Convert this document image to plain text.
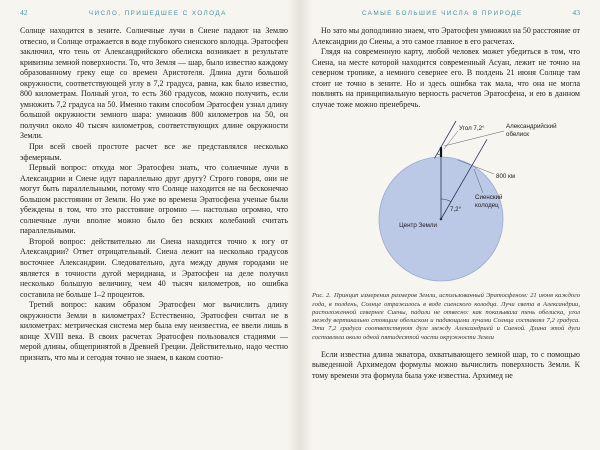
42	ЧИСЛО, ПРИШЕДШЕЕ С ХОЛОДА

Солнце находится в зените. Солнечные лучи в Сиене падают на Землю отвесно, и Солнце отражается в воде глубокого сиенского колодца. Эратосфен заключил, что тень от Александрийского обелиска возникает в результате кривизны земной поверхности. То, что Земля — шар, было известно каждому образованному греку еще со времен Аристотеля. Длина дуги большой окружности, соответствующей углу в 7,2 градуса, равна, как было известно, 800 километрам. Полный угол, то есть 360 градусов, можно получить, если умножить 7,2 градуса на 50. Именно таким способом Эратосфен узнал длину большой окружности земного шара: умножив 800 километров на 50, он получил около 40 тысяч километров, соответствующих длине окружности Земли.

При всей своей простоте расчет все же представлялся несколько эфемерным.

Первый вопрос: откуда мог Эратосфен знать, что солнечные лучи в Александрии и Сиене идут параллельно друг другу? Строго говоря, они не могут быть параллельными, потому что Солнце находится не на бесконечно большом расстоянии от Земли. Но уже во времена Эратосфена ученые были убеждены в том, что это расстояние огромно — настолько огромно, что солнечные лучи вполне можно было без всяких колебаний считать параллельными.

Второй вопрос: действительно ли Сиена находится точно к югу от Александрии? Ответ отрицательный. Сиена лежит на несколько градусов восточнее Александрии. Следовательно, дуга между двумя городами не является в точности дугой меридиана, и Эратосфен на деле получил несколько большую величину, чем 40 тысяч километров, но ошибка составила не больше 1–2 процентов.

Третий вопрос: каким образом Эратосфен мог вычислить длину окружности Земли в километрах? Естественно, Эратосфен считал не в километрах: метрическая система мер была ему неизвестна, ее ввели лишь в конце XVIII века. В своих расчетах Эратосфен пользовался стадиями — мерой длины, общепринятой в Древней Греции. Действительно, надо честно признать, что мы и сегодня точно не знаем, в каком соотно-

САМЫЕ БОЛЬШИЕ ЧИСЛА В ПРИРОДЕ	43

Но зато мы доподлинно знаем, что Эратосфен умножил на 50 расстояние от Александрии до Сиены, а это самое главное в его расчетах.

Глядя на современную карту, любой человек может убедиться в том, что Сиена, на месте которой находится современный Асуан, лежит не точно на северном тропике, а немного севернее его. В полдень 21 июня Солнце там стоит не точно в зените. Но и здесь ошибка так мала, что она не могла повлиять на принципиальную верность расчетов Эратосфена, и ею в данном случае тоже можно пренебречь.

Угол 7,2°	Александрийский
обелиск
800 км
Сиенский
колодец
7,2°
Центр Земли
Рис. 2. Принцип измерения размеров Земли, использованный Эратосфеном: 21 июня каждого года, в полдень, Солнце отражалось в воде сиенского колодца. Лучи света в Александрии, расположенной севернее Сиены, падали не отвесно: как показывала тень обелиска, угол между вертикально стоящим обелиском и падающими лучами Солнца составлял 7,2 градуса. Эти 7,2 градуса соответствуют дуге между Александрией и Сиеной. Длина этой дуги составляла около одной пятидесятой части окружности Земли

Если известна длина экватора, охватывающего земной шар, то с помощью выведенной Архимедом формулы можно вычислить поверхность Земли. К тому времени эта формула была уже известна. Архимед не
